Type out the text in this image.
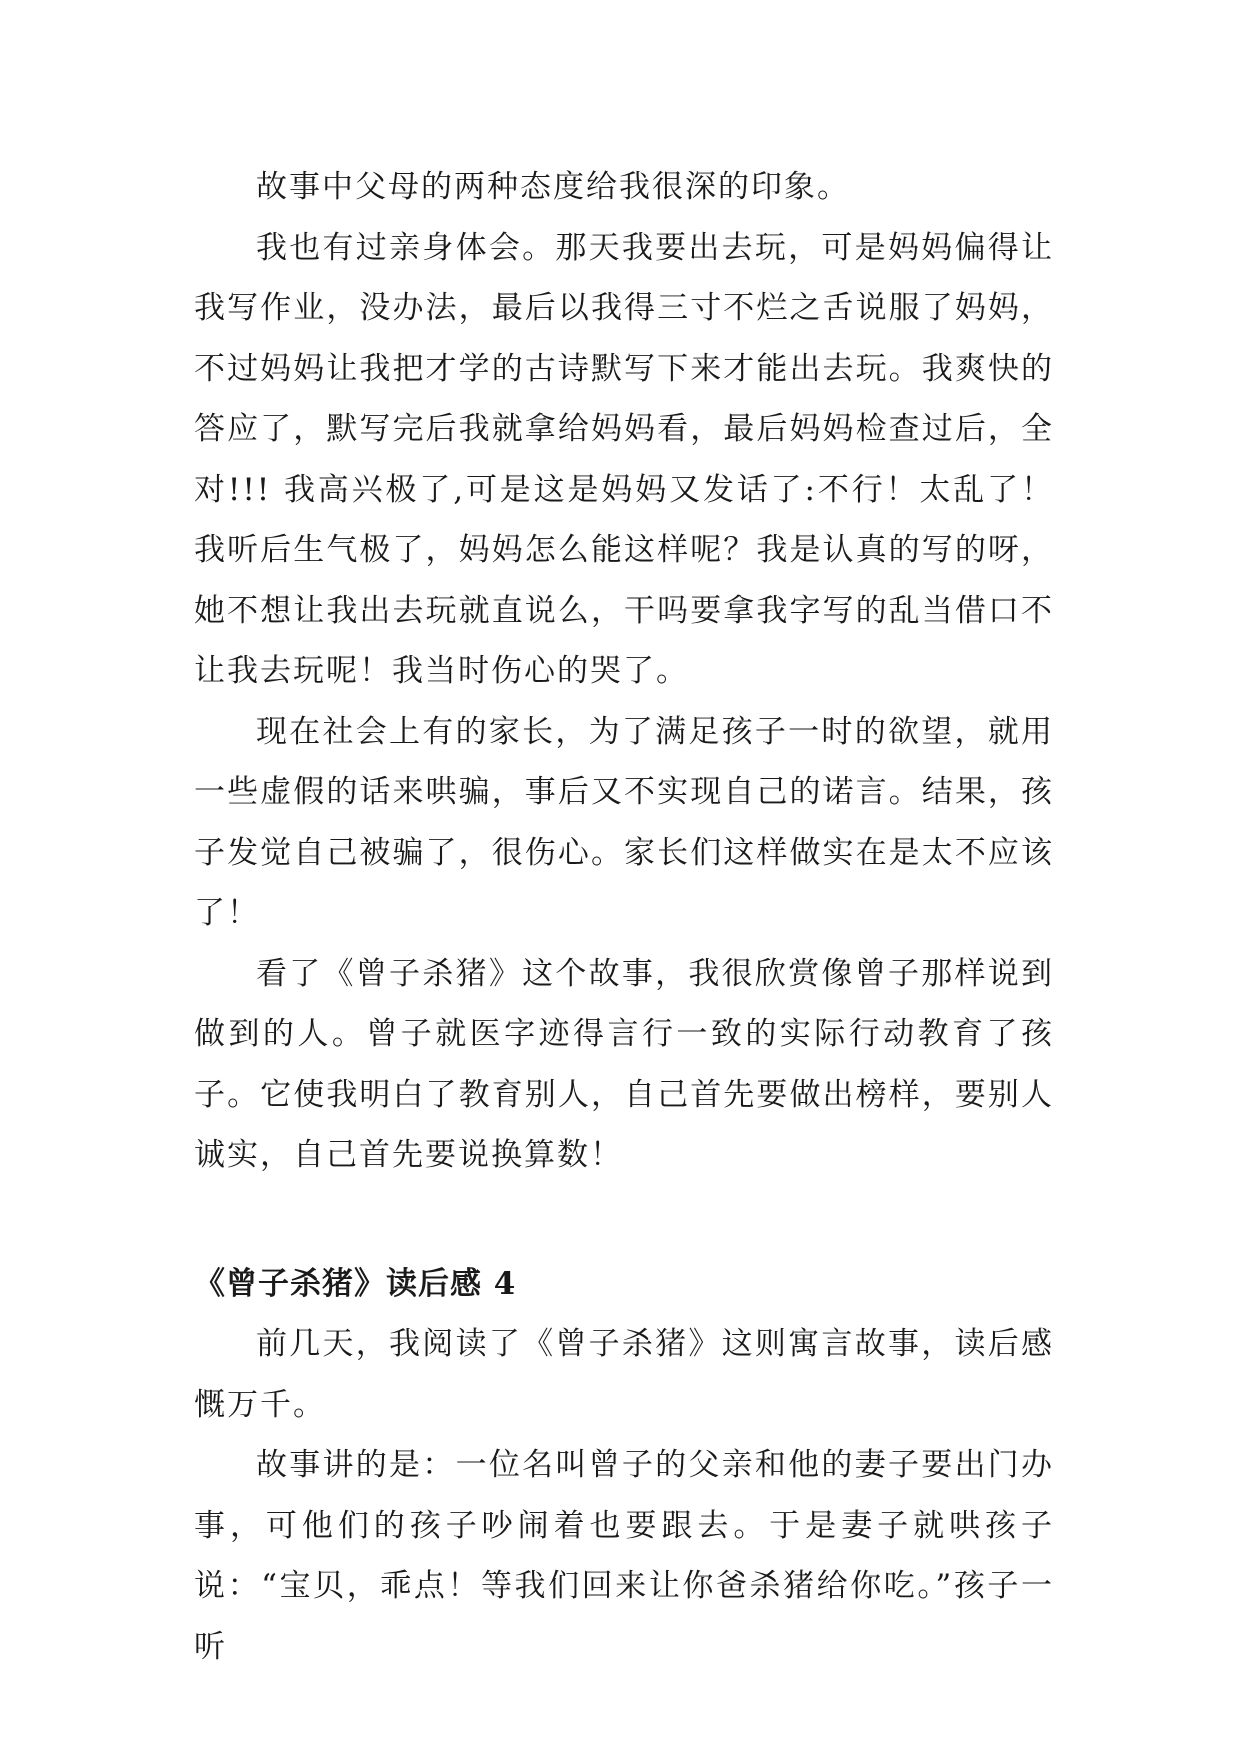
故事中父母的两种态度给我很深的印象。

我也有过亲身体会。那天我要出去玩，可是妈妈偏得让我写作业，没办法，最后以我得三寸不烂之舌说服了妈妈，不过妈妈让我把才学的古诗默写下来才能出去玩。我爽快的答应了，默写完后我就拿给妈妈看，最后妈妈检查过后，全对!!! 我高兴极了,可是这是妈妈又发话了:不行！太乱了！我听后生气极了，妈妈怎么能这样呢？我是认真的写的呀，她不想让我出去玩就直说么，干吗要拿我字写的乱当借口不让我去玩呢！我当时伤心的哭了。

现在社会上有的家长，为了满足孩子一时的欲望，就用一些虚假的话来哄骗，事后又不实现自己的诺言。结果，孩子发觉自己被骗了，很伤心。家长们这样做实在是太不应该了！

看了《曾子杀猪》这个故事，我很欣赏像曾子那样说到做到的人。曾子就医字迹得言行一致的实际行动教育了孩子。它使我明白了教育别人，自己首先要做出榜样，要别人诚实，自己首先要说换算数！

《曾子杀猪》读后感 4

前几天，我阅读了《曾子杀猪》这则寓言故事，读后感慨万千。

故事讲的是：一位名叫曾子的父亲和他的妻子要出门办事，可他们的孩子吵闹着也要跟去。于是妻子就哄孩子说：“宝贝，乖点！等我们回来让你爸杀猪给你吃。”孩子一听
